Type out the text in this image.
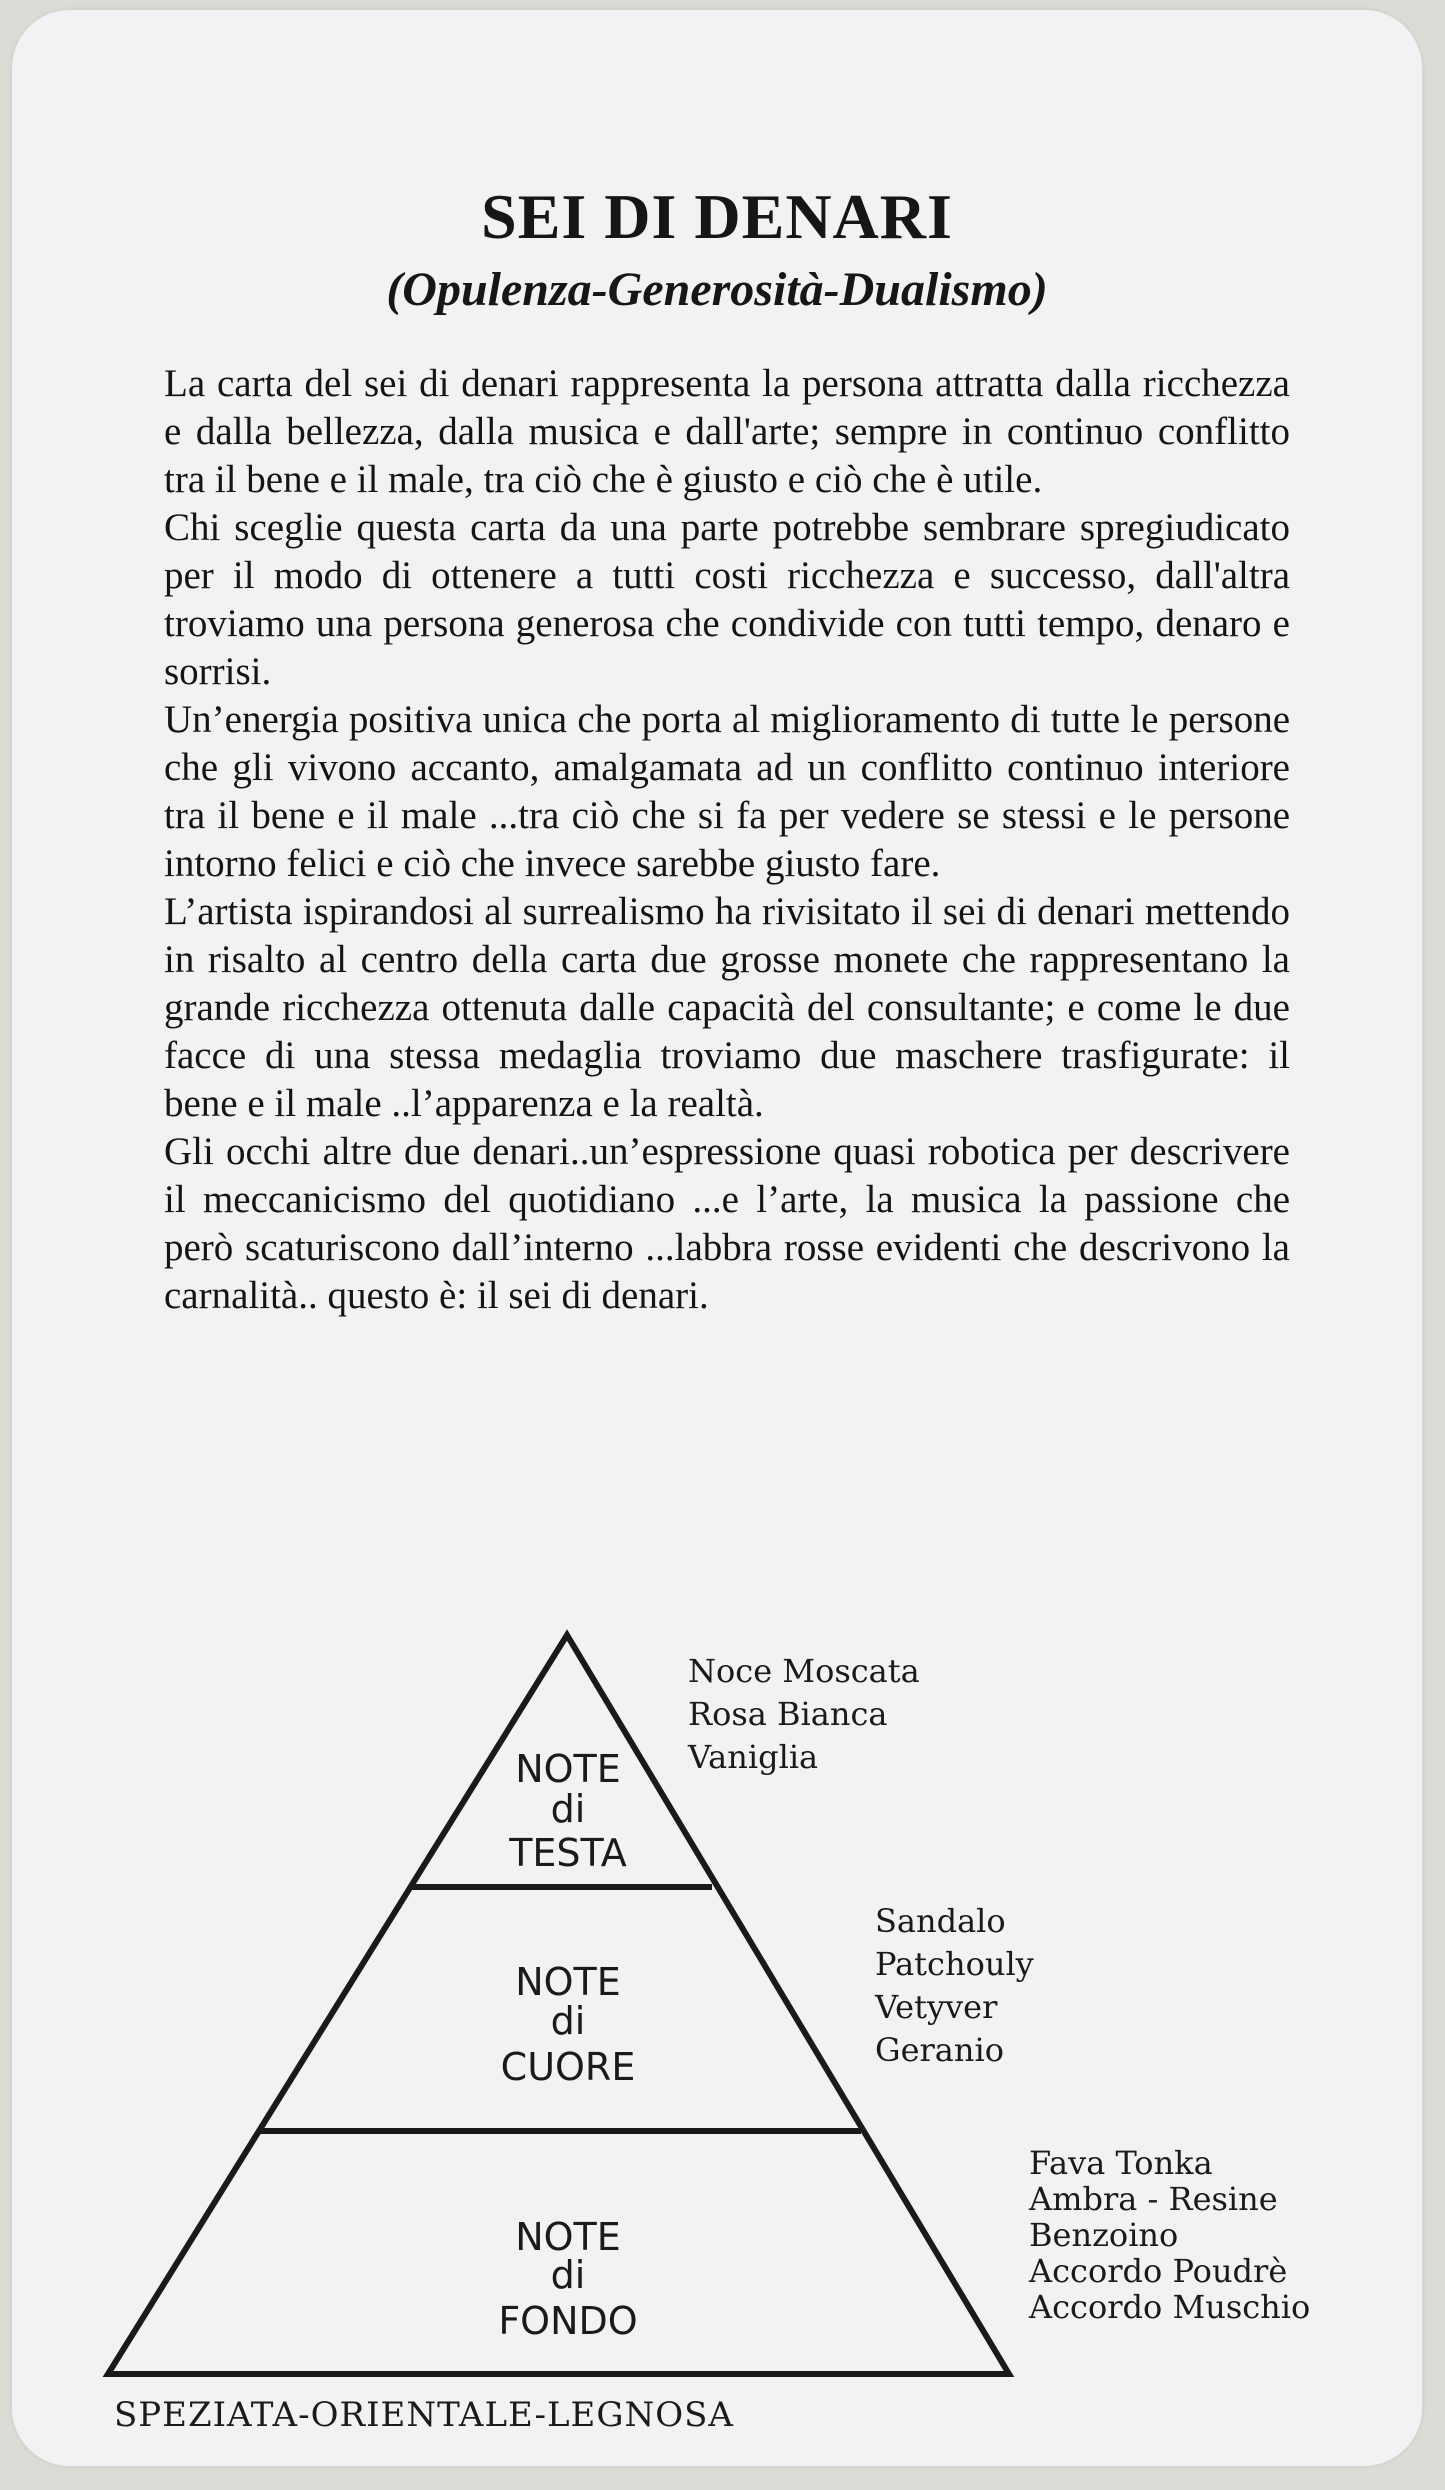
SEI DI DENARI
(Opulenza-Generosità-Dualismo)

La carta del sei di denari rappresenta la persona attratta dalla ricchezza e dalla bellezza, dalla musica e dall'arte; sempre in continuo conflitto tra il bene e il male, tra ciò che è giusto e ciò che è utile.

Chi sceglie questa carta da una parte potrebbe sembrare spregiudicato per il modo di ottenere a tutti costi ricchezza e successo, dall'altra troviamo una persona generosa che condivide con tutti tempo, denaro e sorrisi.

Un’energia positiva unica che porta al miglioramento di tutte le persone che gli vivono accanto, amalgamata ad un conflitto continuo interiore tra il bene e il male ...tra ciò che si fa per vedere se stessi e le persone intorno felici e ciò che invece sarebbe giusto fare.

L’artista ispirandosi al surrealismo ha rivisitato il sei di denari mettendo in risalto al centro della carta due grosse monete che rappresentano la grande ricchezza ottenuta dalle capacità del consultante; e come le due facce di una stessa medaglia troviamo due maschere trasfigurate: il bene e il male ..l’apparenza e la realtà.

Gli occhi altre due denari..un’espressione quasi robotica per descrivere il meccanicismo del quotidiano ...e l’arte, la musica la passione che però scaturiscono dall’interno ...labbra rosse evidenti che descrivono la carnalità.. questo è: il sei di denari.

NOTE
di
TESTA
NOTE
di
CUORE
NOTE
di
FONDO
Noce Moscata
Rosa Bianca
Vaniglia
Sandalo
Patchouly
Vetyver
Geranio
Fava Tonka
Ambra - Resine
Benzoino
Accordo Poudrè
Accordo Muschio

SPEZIATA-ORIENTALE-LEGNOSA
